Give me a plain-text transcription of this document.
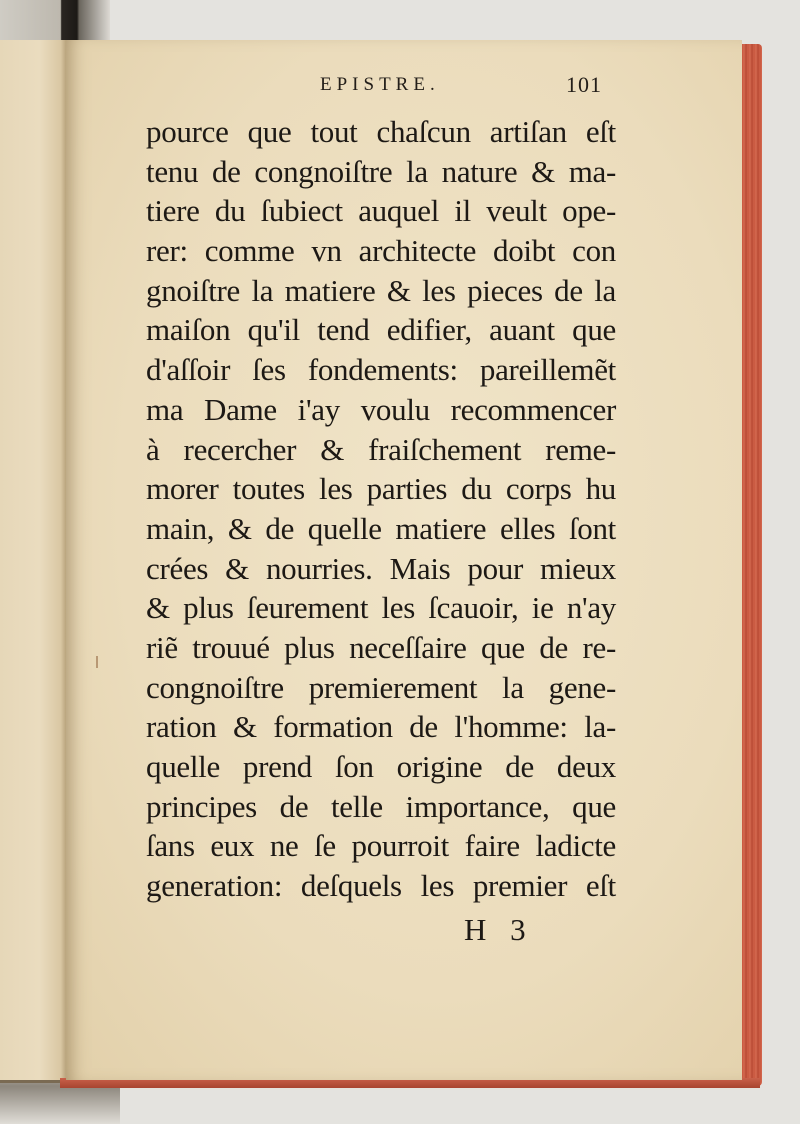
EPISTRE.	101
pource que tout chaſcun artiſan eſt
tenu de congnoiſtre la nature & ma-
tiere du ſubiect auquel il veult ope-
rer: comme vn architecte doibt con
gnoiſtre la matiere & les pieces de la
maiſon qu'il tend edifier, auant que
d'aſſoir ſes fondements: pareillemẽt
ma Dame i'ay voulu recommencer
à recercher & fraiſchement reme-
morer toutes les parties du corps hu
main, & de quelle matiere elles ſont
crées & nourries. Mais pour mieux
& plus ſeurement les ſcauoir, ie n'ay
riẽ trouué plus neceſſaire que de re-
congnoiſtre premierement la gene-
ration & formation de l'homme: la-
quelle prend ſon origine de deux
principes de telle importance, que
ſans eux ne ſe pourroit faire ladicte
generation: deſquels les premier eſt
H 3
